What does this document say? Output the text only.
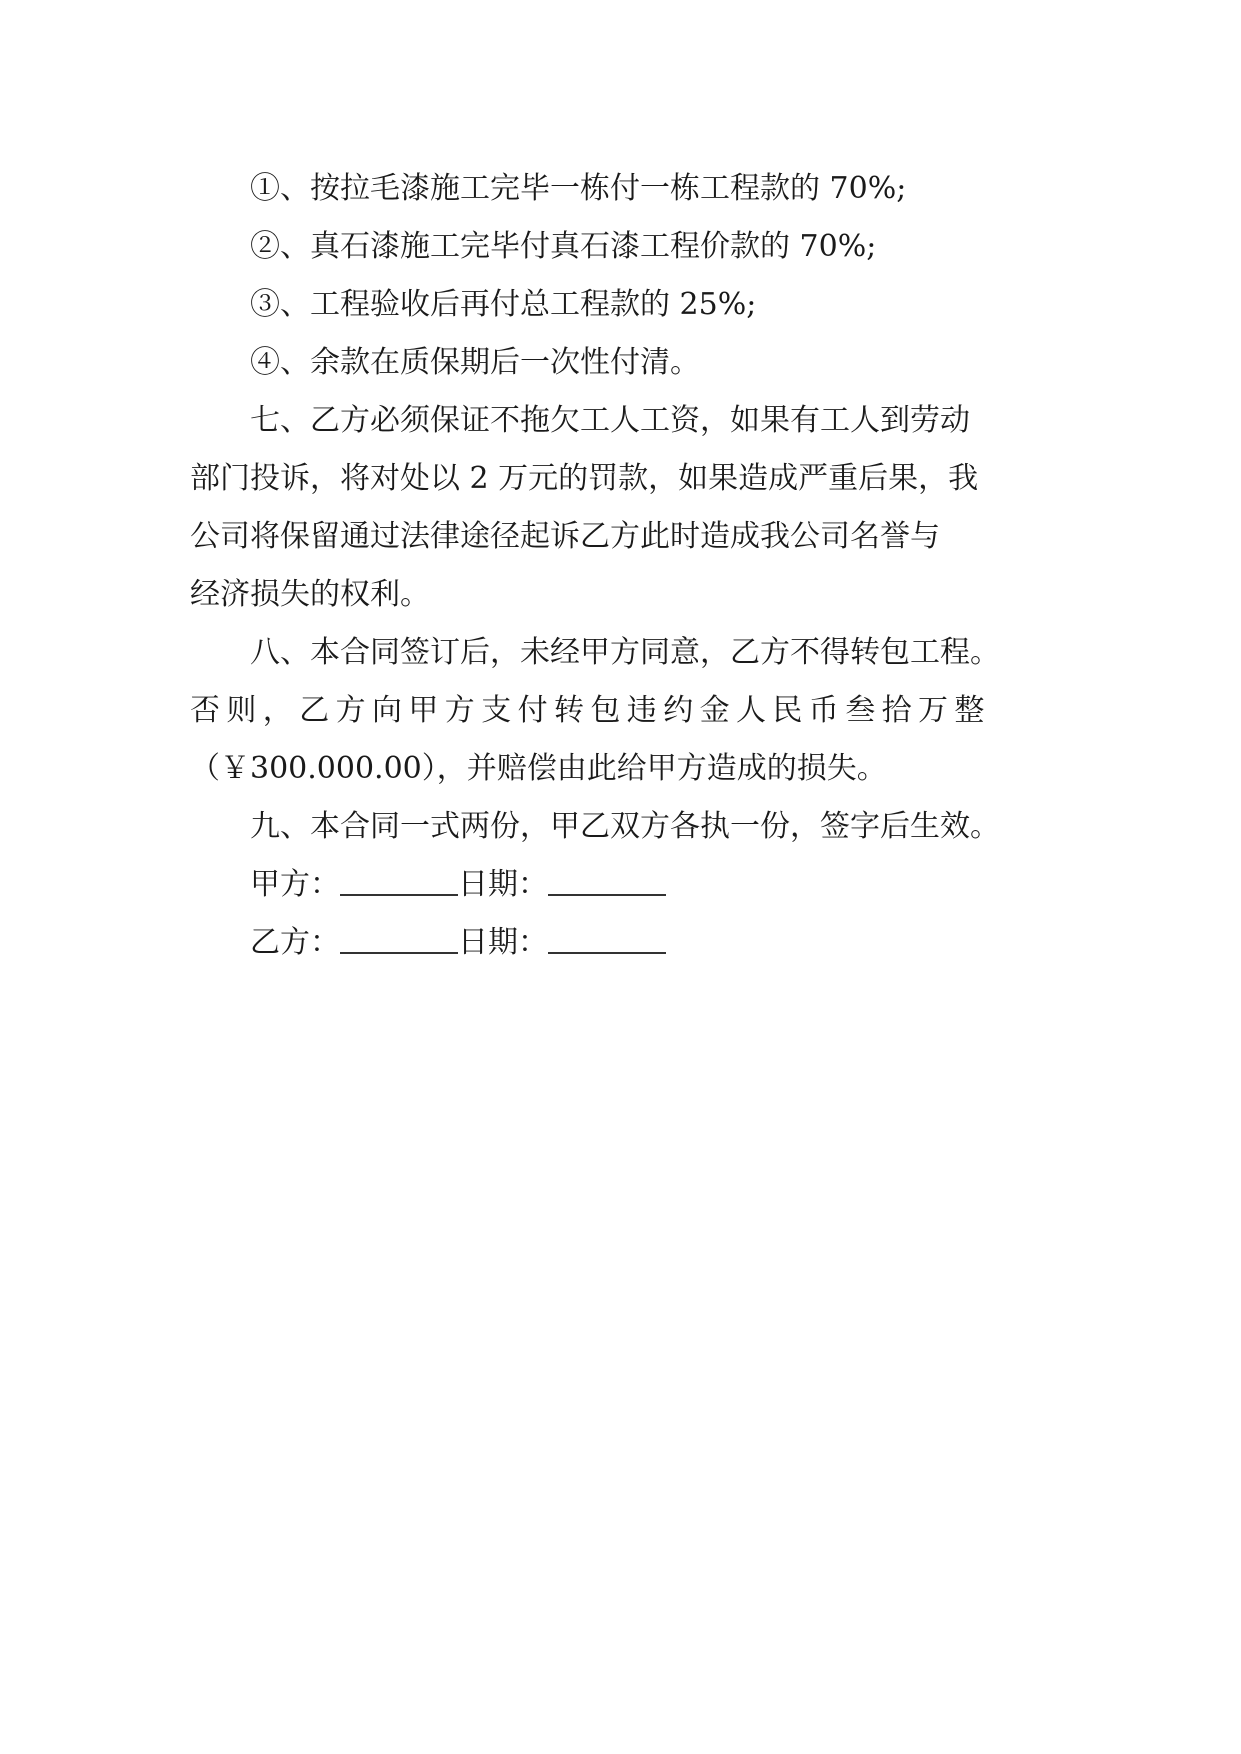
①、按拉毛漆施工完毕一栋付一栋工程款的 70%;

②、真石漆施工完毕付真石漆工程价款的 70%;

③、工程验收后再付总工程款的 25%;

④、余款在质保期后一次性付清。

七、乙方必须保证不拖欠工人工资，如果有工人到劳动

部门投诉，将对处以 2 万元的罚款，如果造成严重后果，我

公司将保留通过法律途径起诉乙方此时造成我公司名誉与

经济损失的权利。

八、本合同签订后，未经甲方同意，乙方不得转包工程。

否则，乙方向甲方支付转包违约金人民币叁拾万整

（￥300.000.00），并赔偿由此给甲方造成的损失。

九、本合同一式两份，甲乙双方各执一份，签字后生效。

甲方：	日期：
乙方：	日期：
